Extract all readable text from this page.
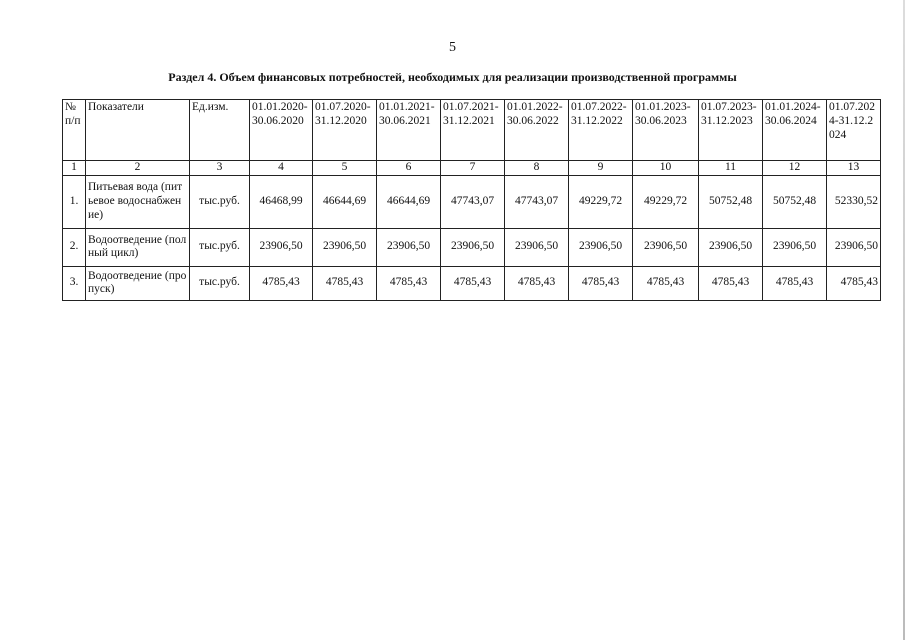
5
Раздел 4. Объем финансовых потребностей, необходимых для реализации производственной программы
№ п/п	Показатели	Ед.изм.	01.01.2020-30.06.2020	01.07.2020-31.12.2020	01.01.2021-30.06.2021	01.07.2021-31.12.2021	01.01.2022-30.06.2022	01.07.2022-31.12.2022	01.01.2023-30.06.2023	01.07.2023-31.12.2023	01.01.2024-30.06.2024	01.07.2024-31.12.2024
1	2	3	4	5	6	7	8	9	10	11	12	13
1.	Питьевая вода (питьевое водоснабжение)	тыс.руб.	46468,99	46644,69	46644,69	47743,07	47743,07	49229,72	49229,72	50752,48	50752,48	52330,52
2.	Водоотведение (полный цикл)	тыс.руб.	23906,50	23906,50	23906,50	23906,50	23906,50	23906,50	23906,50	23906,50	23906,50	23906,50
3.	Водоотведение (пропуск)	тыс.руб.	4785,43	4785,43	4785,43	4785,43	4785,43	4785,43	4785,43	4785,43	4785,43	4785,43
